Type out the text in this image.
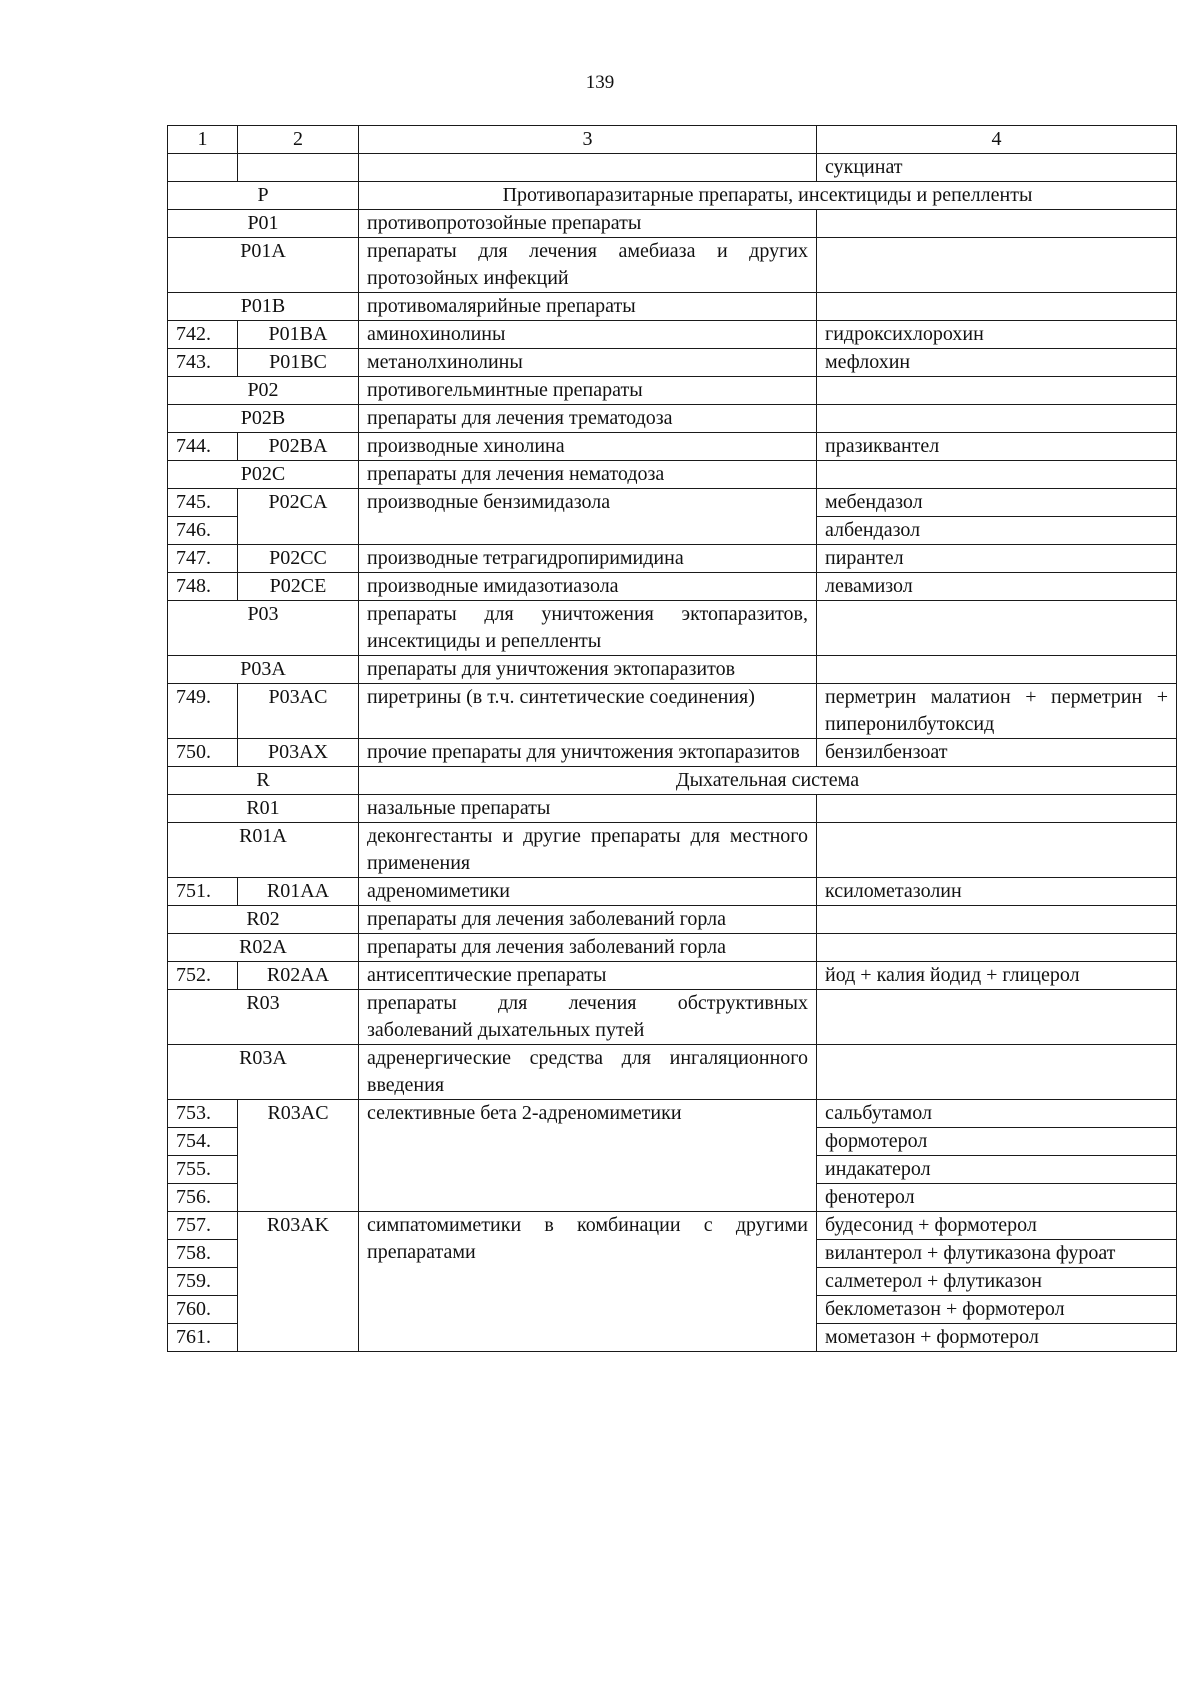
139
1	2	3	4
			сукцинат
P		Противопаразитарные препараты, инсектициды и репелленты	
P01		противопротозойные препараты	
P01A		препараты для лечения амебиаза и других протозойных инфекций	
P01B		противомалярийные препараты	
742.	P01BA	аминохинолины	гидроксихлорохин
743.	P01BC	метанолхинолины	мефлохин
P02		противогельминтные препараты	
P02B		препараты для лечения трематодоза	
744.	P02BA	производные хинолина	празиквантел
P02C		препараты для лечения нематодоза	
745.	P02CA	производные бензимидазола	мебендазол
746.			албендазол
747.	P02CC	производные тетрагидропиримидина	пирантел
748.	P02CE	производные имидазотиазола	левамизол
P03		препараты для уничтожения эктопаразитов, инсектициды и репелленты	
P03A		препараты для уничтожения эктопаразитов	
749.	P03AC	пиретрины (в т.ч. синтетические соединения)	перметрин малатион + перметрин + пиперонилбутоксид
750.	P03AX	прочие препараты для уничтожения эктопаразитов	бензилбензоат
R		Дыхательная система	
R01		назальные препараты	
R01A		деконгестанты и другие препараты для местного применения	
751.	R01AA	адреномиметики	ксилометазолин
R02		препараты для лечения заболеваний горла	
R02A		препараты для лечения заболеваний горла	
752.	R02AA	антисептические препараты	йод + калия йодид + глицерол
R03		препараты для лечения обструктивных заболеваний дыхательных путей	
R03A		адренергические средства для ингаляционного введения	
753.	R03AC	селективные бета 2-адреномиметики	сальбутамол
754.			формотерол
755.			индакатерол
756.			фенотерол
757.	R03AK	симпатомиметики в комбинации с другими препаратами	будесонид + формотерол
758.			вилантерол + флутиказона фуроат
759.			салметерол + флутиказон
760.			беклометазон + формотерол
761.			мометазон + формотерол
